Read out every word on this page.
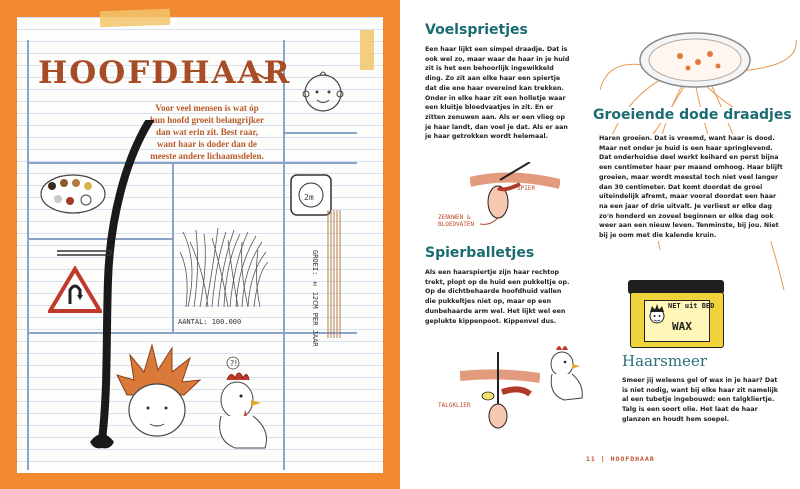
HOOFDHAAR
Voor veel mensen is wat óp hun hoofd groeit belangrijker dan wat erin zit. Best raar, want haar is doder dan de meeste andere lichaamsdelen.
AANTAL: 100.000
2m
GROEI: ± 12CM PER JAAR
?!
Voelsprietjes
Een haar lijkt een simpel draadje. Dat is ook wel zo, maar waar de haar in je huid zit is het een behoorlijk ingewikkeld ding. Zo zit aan elke haar een spiertje dat die ene haar overeind kan trekken. Onder in elke haar zit een holletje waar een kluitje bloedvaatjes in zit. En er zitten zenuwen aan. Als er een vlieg op je haar landt, dan voel je dat. Als er aan je haar getrokken wordt helemaal.
SPIER
ZENUWEN & BLOEDVATEN
Spierballetjes
Als een haarspiertje zijn haar rechtop trekt, plopt op de huid een pukkeltje op. Op de dichtbehaarde hoofdhuid vallen die pukkeltjes niet op, maar op een dunbehaarde arm wel. Het lijkt wel een geplukte kippenpoot. Kippenvel dus.
TALGKLIER
Groeiende dode draadjes
Haren groeien. Dat is vreemd, want haar is dood. Maar net onder je huid is een haar springlevend. Dat onderhuidse deel werkt keihard en perst bijna een centimeter haar per maand omhoog. Haar blijft groeien, maar wordt meestal toch niet veel langer dan 30 centimeter. Dat komt doordat de groei uiteindelijk afremt, maar vooral doordat een haar na een jaar of drie uitvalt. Je verliest er elke dag zo'n honderd en zoveel beginnen er elke dag ook weer aan een nieuw leven. Tenminste, bij jou. Niet bij je oom met die kalende kruin.
NET uit BED
WAX
Haarsmeer
Smeer jij weleens gel of wax in je haar? Dat is niet nodig, want bij elke haar zit namelijk al een tubetje ingebouwd: een talgkliertje. Talg is een soort olie. Het laat de haar glanzen en houdt hem soepel.
11 | HOOFDHAAR
